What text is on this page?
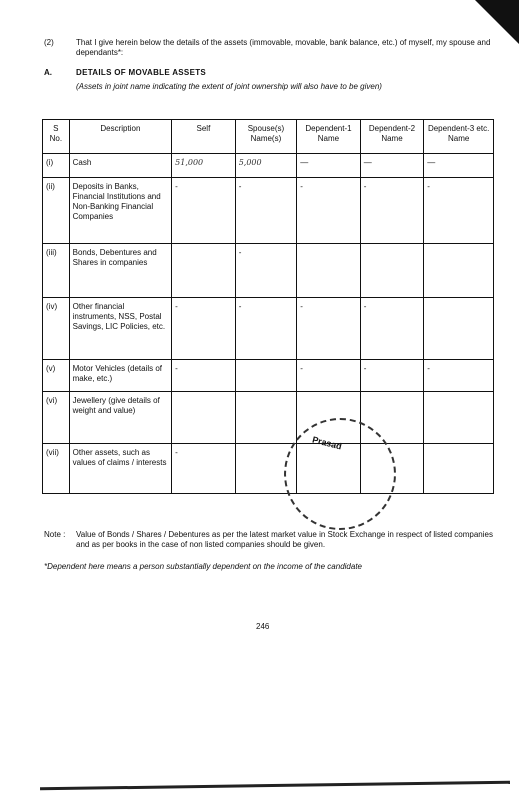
(2)	That I give herein below the details of the assets (immovable, movable, bank balance, etc.) of myself, my spouse and dependants*:
A.	DETAILS OF MOVABLE ASSETS
(Assets in joint name indicating the extent of joint ownership will also have to be given)
S No.	Description	Self	Spouse(s) Name(s)	Dependent-1 Name	Dependent-2 Name	Dependent-3 etc. Name
(i)	Cash	51,000	5,000	—	—	—
(ii)	Deposits in Banks, Financial Institutions and Non-Banking Financial Companies	-	-	-	-	-
(iii)	Bonds, Debentures and Shares in companies		-			
(iv)	Other financial instruments, NSS, Postal Savings, LIC Policies, etc.	-	-	-	-	
(v)	Motor Vehicles (details of make, etc.)	-		-	-	-
(vi)	Jewellery (give details of weight and value)					
(vii)	Other assets, such as values of claims / interests	-				
Prasad
Note : Value of Bonds / Shares / Debentures as per the latest market value in Stock Exchange in respect of listed companies and as per books in the case of non listed companies should be given.
*Dependent here means a person substantially dependent on the income of the candidate
246
